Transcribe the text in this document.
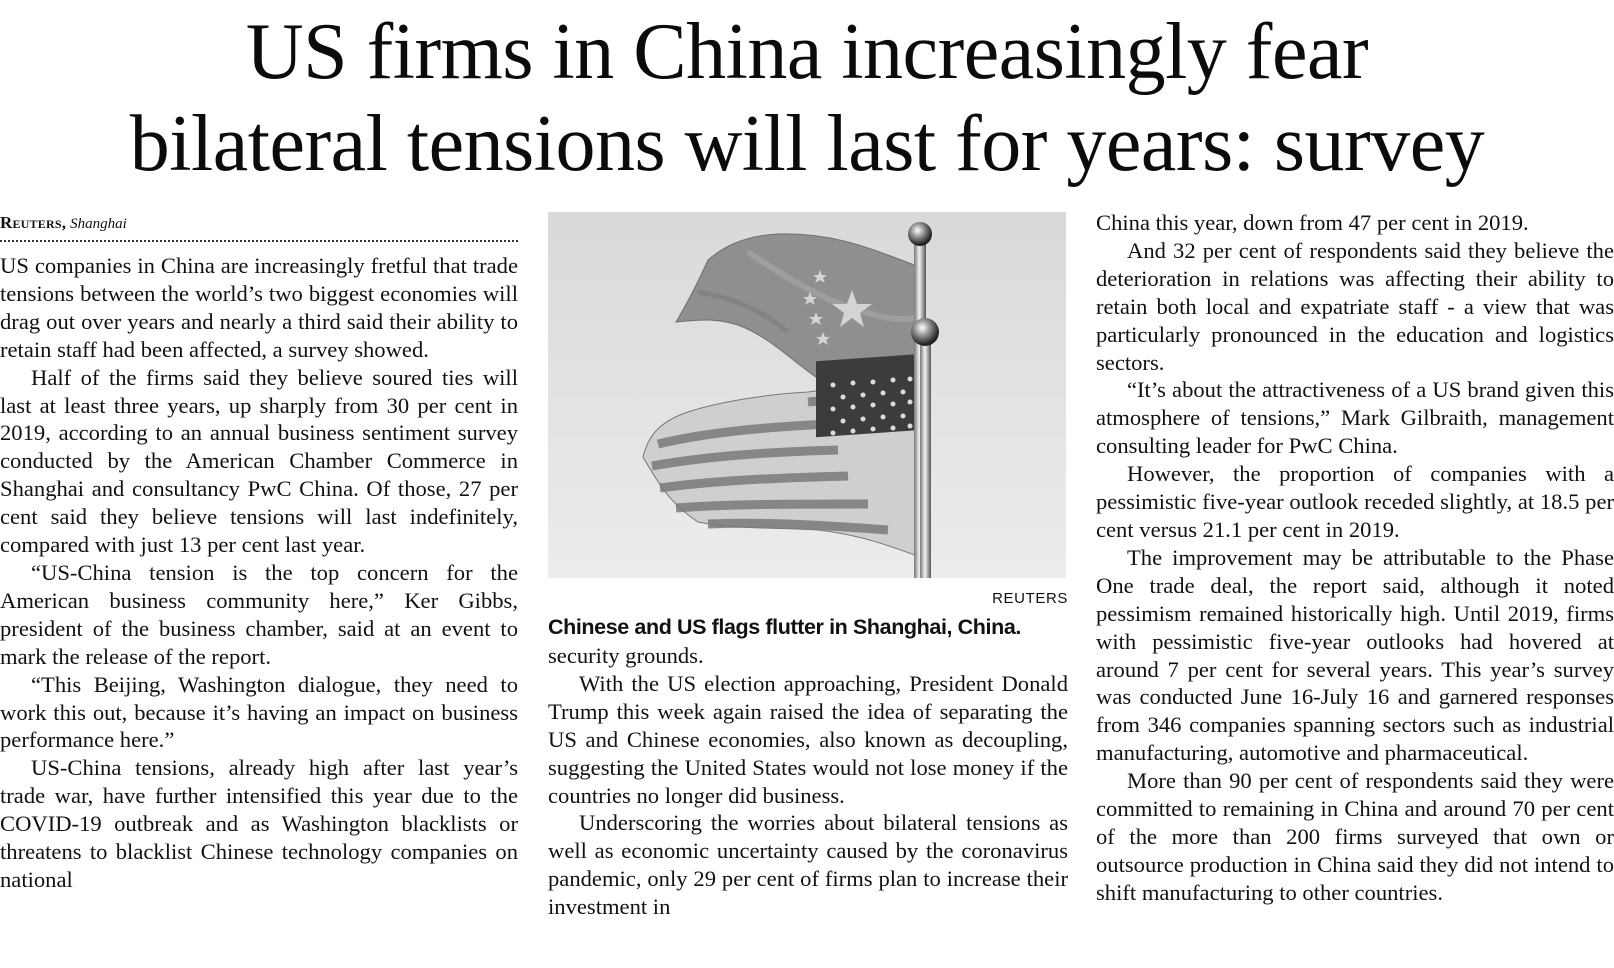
US firms in China increasingly fear
bilateral tensions will last for years: survey
Reuters, Shanghai

US companies in China are increasingly fretful that trade tensions between the world’s two biggest economies will drag out over years and nearly a third said their ability to retain staff had been affected, a survey showed.

Half of the firms said they believe soured ties will last at least three years, up sharply from 30 per cent in 2019, according to an annual business sentiment survey conducted by the American Chamber Commerce in Shanghai and consultancy PwC China. Of those, 27 per cent said they believe tensions will last indefinitely, compared with just 13 per cent last year.

“US-China tension is the top concern for the American business community here,” Ker Gibbs, president of the business chamber, said at an event to mark the release of the report.

“This Beijing, Washington dialogue, they need to work this out, because it’s having an impact on business performance here.”

US-China tensions, already high after last year’s trade war, have further intensified this year due to the COVID-19 outbreak and as Washington blacklists or threatens to blacklist Chinese technology companies on national

REUTERS
Chinese and US flags flutter in Shanghai, China.

security grounds.

With the US election approaching, President Donald Trump this week again raised the idea of separating the US and Chinese economies, also known as decoupling, suggesting the United States would not lose money if the countries no longer did business.

Underscoring the worries about bilateral tensions as well as economic uncertainty caused by the coronavirus pandemic, only 29 per cent of firms plan to increase their investment in

China this year, down from 47 per cent in 2019.

And 32 per cent of respondents said they believe the deterioration in relations was affecting their ability to retain both local and expatriate staff - a view that was particularly pronounced in the education and logistics sectors.

“It’s about the attractiveness of a US brand given this atmosphere of tensions,” Mark Gilbraith, management consulting leader for PwC China.

However, the proportion of companies with a pessimistic five-year outlook receded slightly, at 18.5 per cent versus 21.1 per cent in 2019.

The improvement may be attributable to the Phase One trade deal, the report said, although it noted pessimism remained historically high. Until 2019, firms with pessimistic five-year outlooks had hovered at around 7 per cent for several years. This year’s survey was conducted June 16-July 16 and garnered responses from 346 companies spanning sectors such as industrial manufacturing, automotive and pharmaceutical.

More than 90 per cent of respondents said they were committed to remaining in China and around 70 per cent of the more than 200 firms surveyed that own or outsource production in China said they did not intend to shift manufacturing to other countries.
